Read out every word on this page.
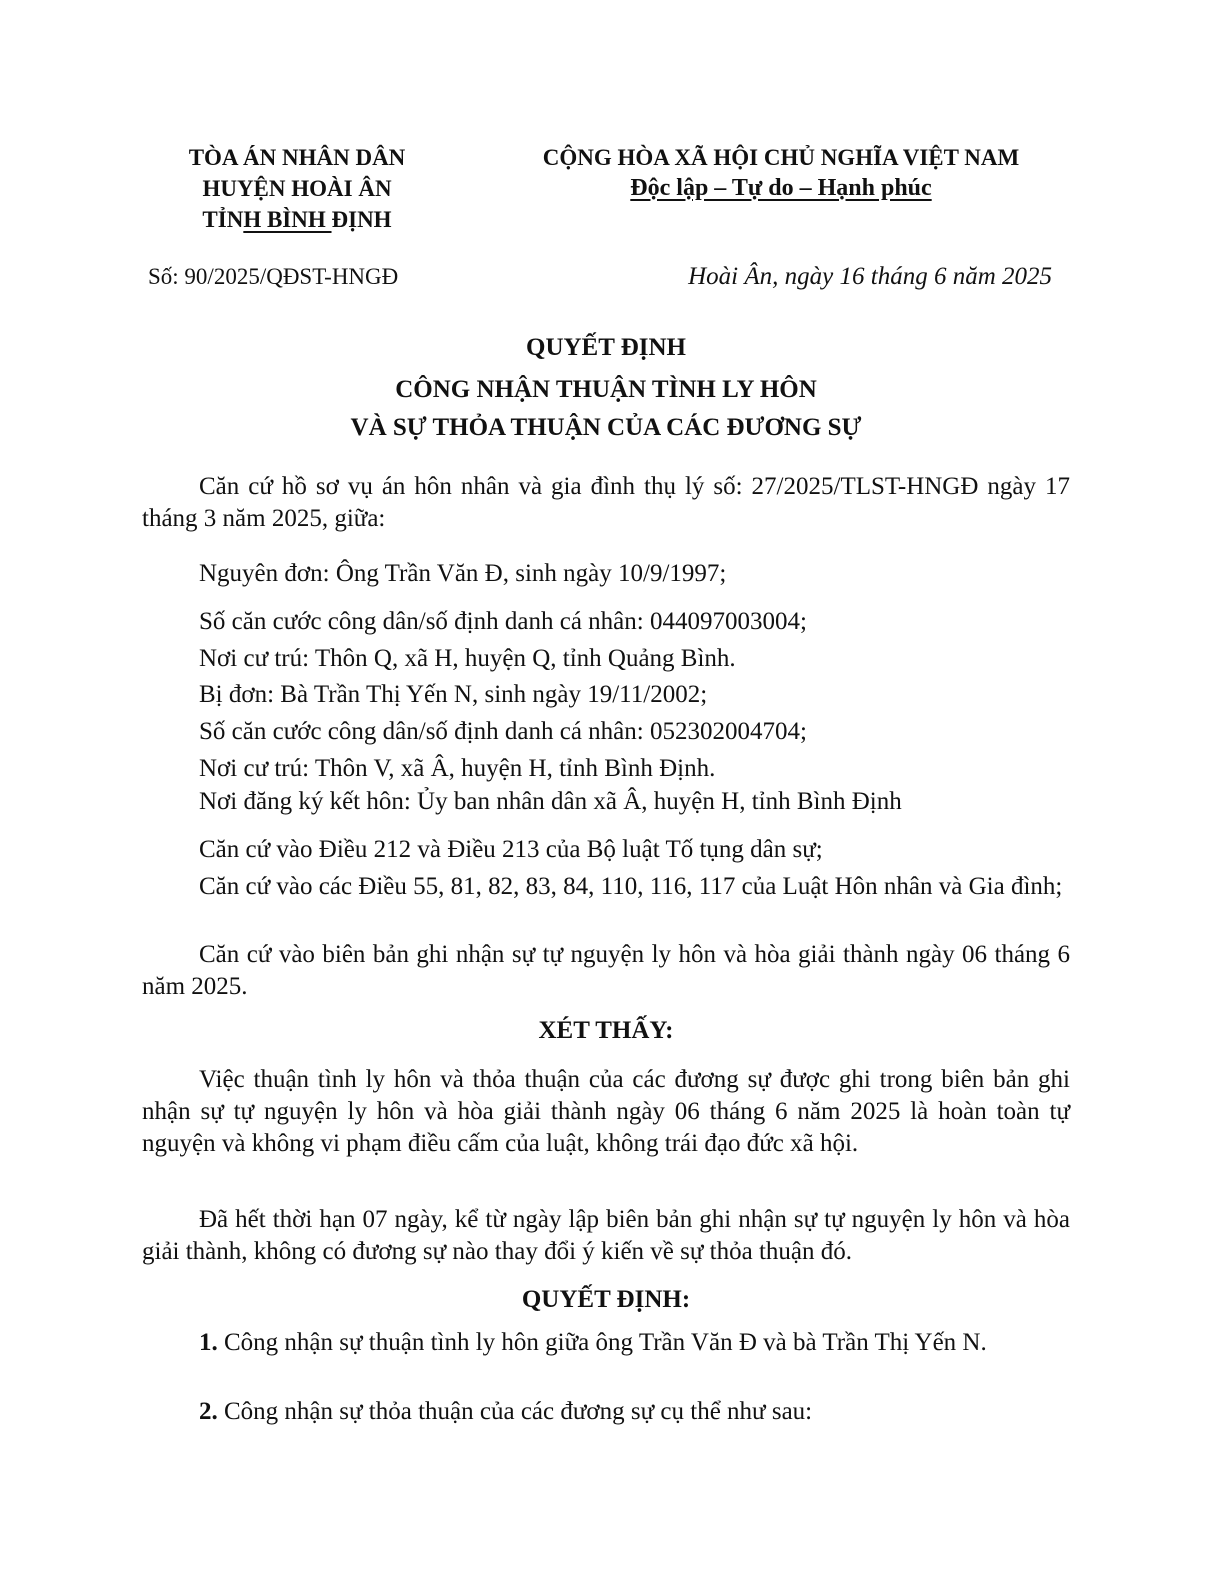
TÒA ÁN NHÂN DÂN
HUYỆN HOÀI ÂN
TỈNH BÌNH ĐỊNH
CỘNG HÒA XÃ HỘI CHỦ NGHĨA VIỆT NAM
Độc lập – Tự do – Hạnh phúc
Số: 90/2025/QĐST-HNGĐ	Hoài Ân, ngày 16 tháng 6 năm 2025
QUYẾT ĐỊNH
CÔNG NHẬN THUẬN TÌNH LY HÔN
VÀ SỰ THỎA THUẬN CỦA CÁC ĐƯƠNG SỰ

Căn cứ hồ sơ vụ án hôn nhân và gia đình thụ lý số: 27/2025/TLST-HNGĐ ngày 17 tháng 3 năm 2025, giữa:

Nguyên đơn: Ông Trần Văn Đ, sinh ngày 10/9/1997;

Số căn cước công dân/số định danh cá nhân: 044097003004;

Nơi cư trú: Thôn Q, xã H, huyện Q, tỉnh Quảng Bình.

Bị đơn: Bà Trần Thị Yến N, sinh ngày 19/11/2002;

Số căn cước công dân/số định danh cá nhân: 052302004704;

Nơi cư trú: Thôn V, xã Â, huyện H, tỉnh Bình Định.

Nơi đăng ký kết hôn: Ủy ban nhân dân xã Â, huyện H, tỉnh Bình Định

Căn cứ vào Điều 212 và Điều 213 của Bộ luật Tố tụng dân sự;

Căn cứ vào các Điều 55, 81, 82, 83, 84, 110, 116, 117 của Luật Hôn nhân và Gia đình;

Căn cứ vào biên bản ghi nhận sự tự nguyện ly hôn và hòa giải thành ngày 06 tháng 6 năm 2025.

XÉT THẤY:

Việc thuận tình ly hôn và thỏa thuận của các đương sự được ghi trong biên bản ghi nhận sự tự nguyện ly hôn và hòa giải thành ngày 06 tháng 6 năm 2025 là hoàn toàn tự nguyện và không vi phạm điều cấm của luật, không trái đạo đức xã hội.

Đã hết thời hạn 07 ngày, kể từ ngày lập biên bản ghi nhận sự tự nguyện ly hôn và hòa giải thành, không có đương sự nào thay đổi ý kiến về sự thỏa thuận đó.

QUYẾT ĐỊNH:

1. Công nhận sự thuận tình ly hôn giữa ông Trần Văn Đ và bà Trần Thị Yến N.

2. Công nhận sự thỏa thuận của các đương sự cụ thể như sau:
